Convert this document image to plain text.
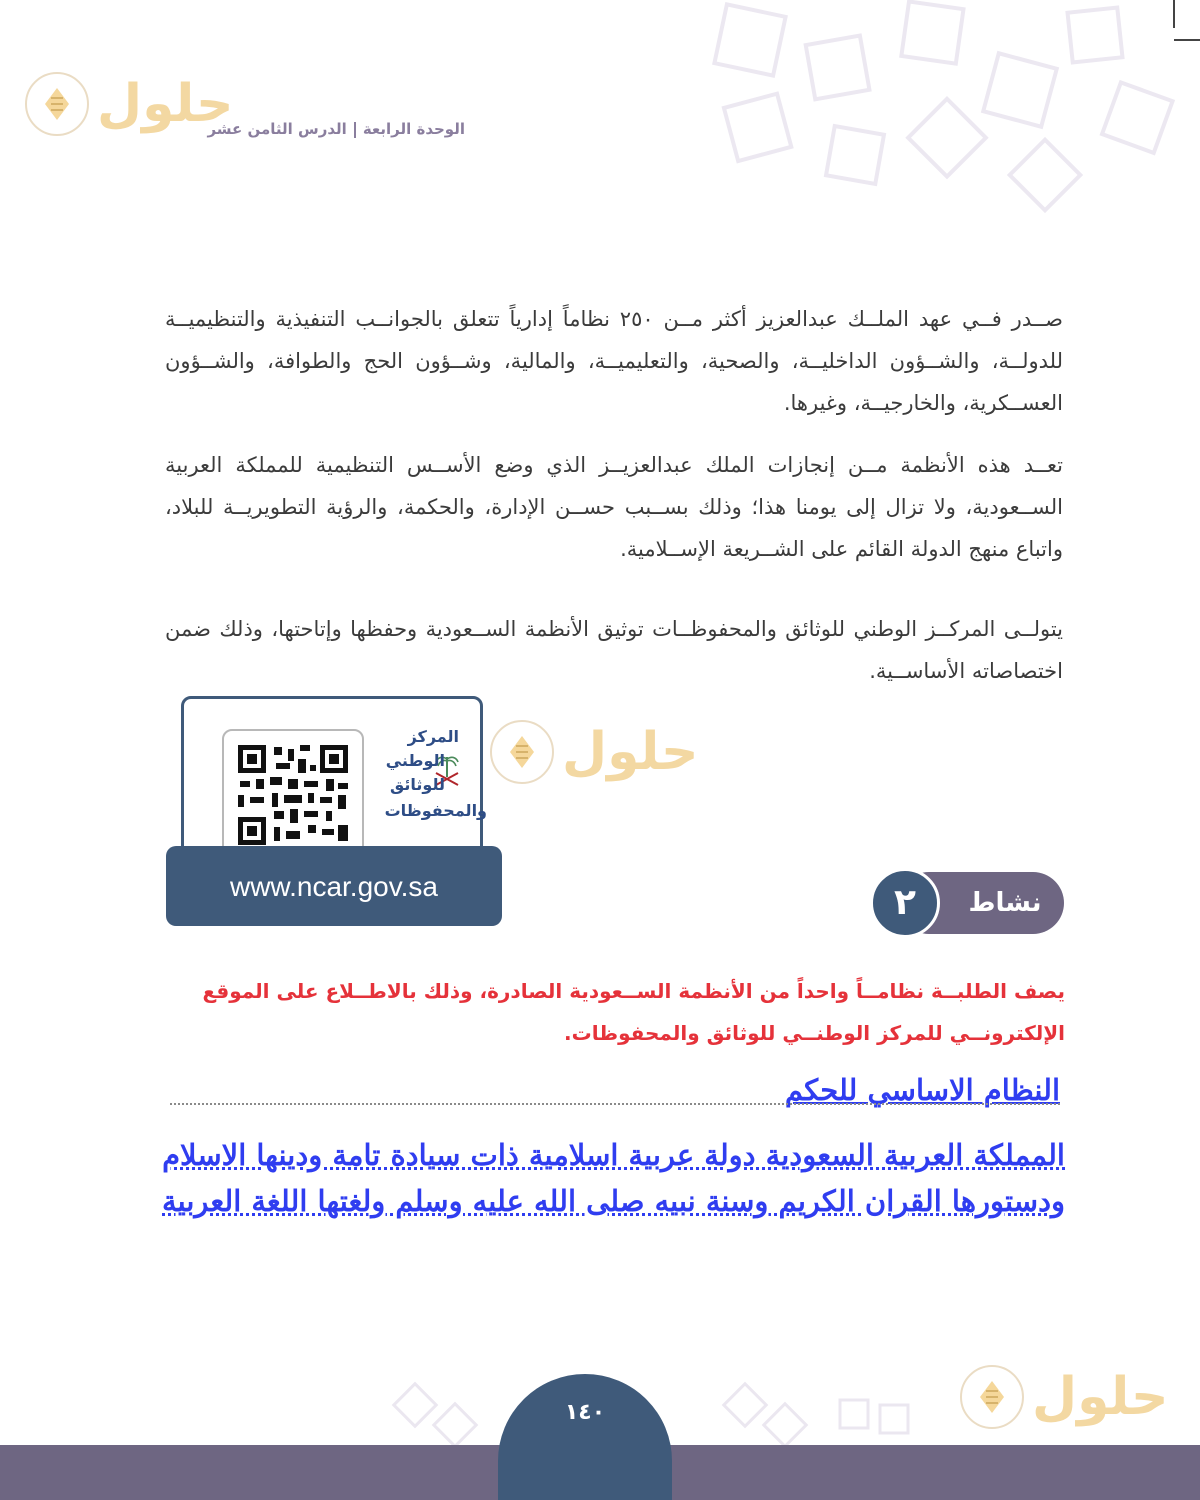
الوحدة الرابعةالدرس الثامن عشر

صــدر فــي عهد الملــك عبدالعزيز أكثر مــن ٢٥٠ نظاماً إدارياً تتعلق بالجوانــب التنفيذية والتنظيميــة للدولــة، والشــؤون الداخليــة، والصحية، والتعليميــة، والمالية، وشــؤون الحج والطوافة، والشــؤون العســكرية، والخارجيــة، وغيرها.

تعــد هذه الأنظمة مــن إنجازات الملك عبدالعزيــز الذي وضع الأســس التنظيمية للمملكة العربية الســعودية، ولا تزال إلى يومنا هذا؛ وذلك بســبب حســن الإدارة، والحكمة، والرؤية التطويريــة للبلاد، واتباع منهج الدولة القائم على الشــريعة الإســلامية.

يتولــى المركــز الوطني للوثائق والمحفوظــات توثيق الأنظمة الســعودية وحفظها وإتاحتها، وذلك ضمن اختصاصاته الأساســية.

المركز
الوطني
للوثائق
والمحفوظات
www.ncar.gov.sa
نشاط
٢
يصف الطلبــة نظامــاً واحداً من الأنظمة الســعودية الصادرة، وذلك بالاطــلاع على الموقع الإلكترونــي للمركز الوطنــي للوثائق والمحفوظات.
النظام الاساسي للحكم
المملكة العربية السعودية دولة عربية اسلامية ذات سيادة تامة ودينها الاسلام ودستورها القران الكريم وسنة نبيه صلى الله عليه وسلم ولغتها اللغة العربية
حلول
حلول
حلول
١٤٠
